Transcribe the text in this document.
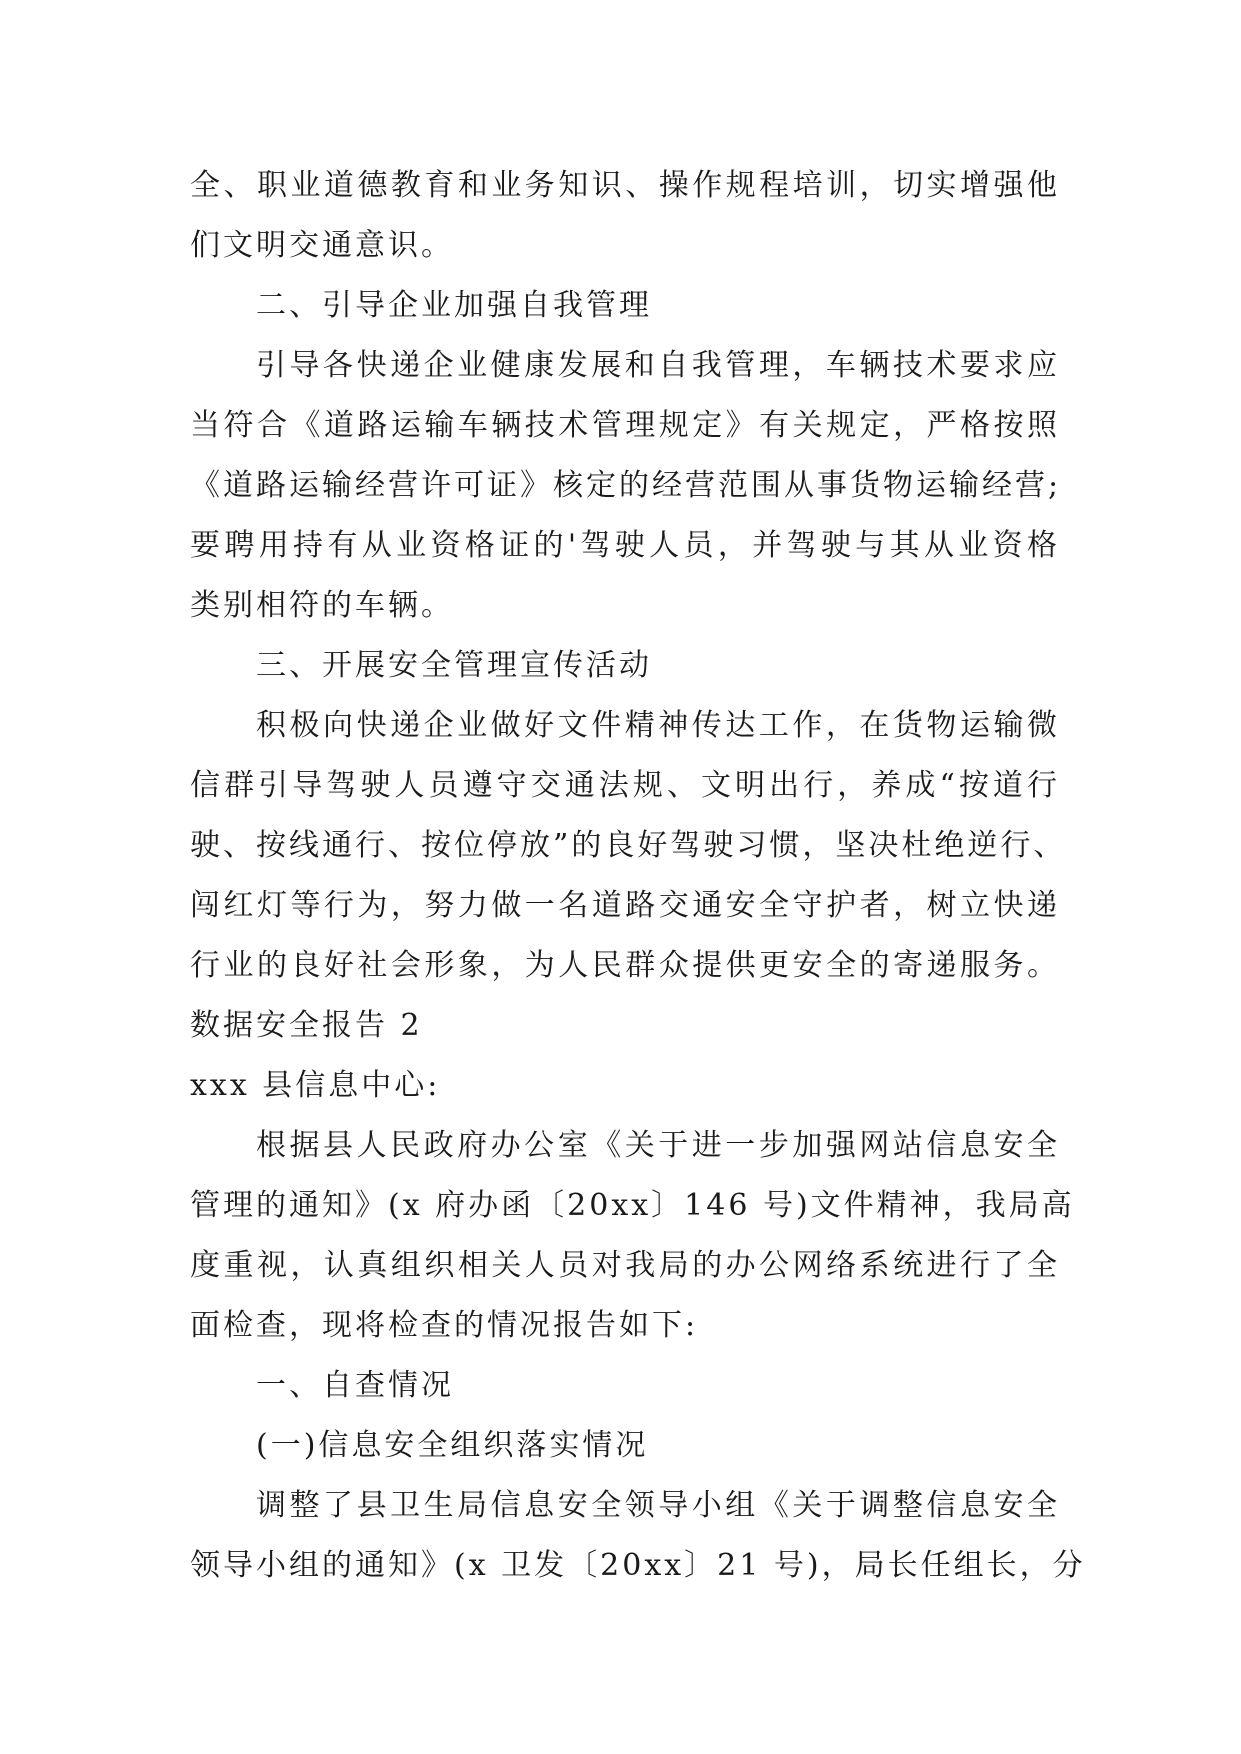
全、职业道德教育和业务知识、操作规程培训，切实增强他
们文明交通意识。
二、引导企业加强自我管理
引导各快递企业健康发展和自我管理，车辆技术要求应
当符合《道路运输车辆技术管理规定》有关规定，严格按照
《道路运输经营许可证》核定的经营范围从事货物运输经营;
要聘用持有从业资格证的'驾驶人员，并驾驶与其从业资格
类别相符的车辆。
三、开展安全管理宣传活动
积极向快递企业做好文件精神传达工作，在货物运输微
信群引导驾驶人员遵守交通法规、文明出行，养成“按道行
驶、按线通行、按位停放”的良好驾驶习惯，坚决杜绝逆行、
闯红灯等行为，努力做一名道路交通安全守护者，树立快递
行业的良好社会形象，为人民群众提供更安全的寄递服务。
数据安全报告 2
xxx 县信息中心:
根据县人民政府办公室《关于进一步加强网站信息安全
管理的通知》(x 府办函〔20xx〕146 号)文件精神，我局高
度重视，认真组织相关人员对我局的办公网络系统进行了全
面检查，现将检查的情况报告如下:
一、自查情况
(一)信息安全组织落实情况
调整了县卫生局信息安全领导小组《关于调整信息安全
领导小组的通知》(x 卫发〔20xx〕21 号)，局长任组长，分
